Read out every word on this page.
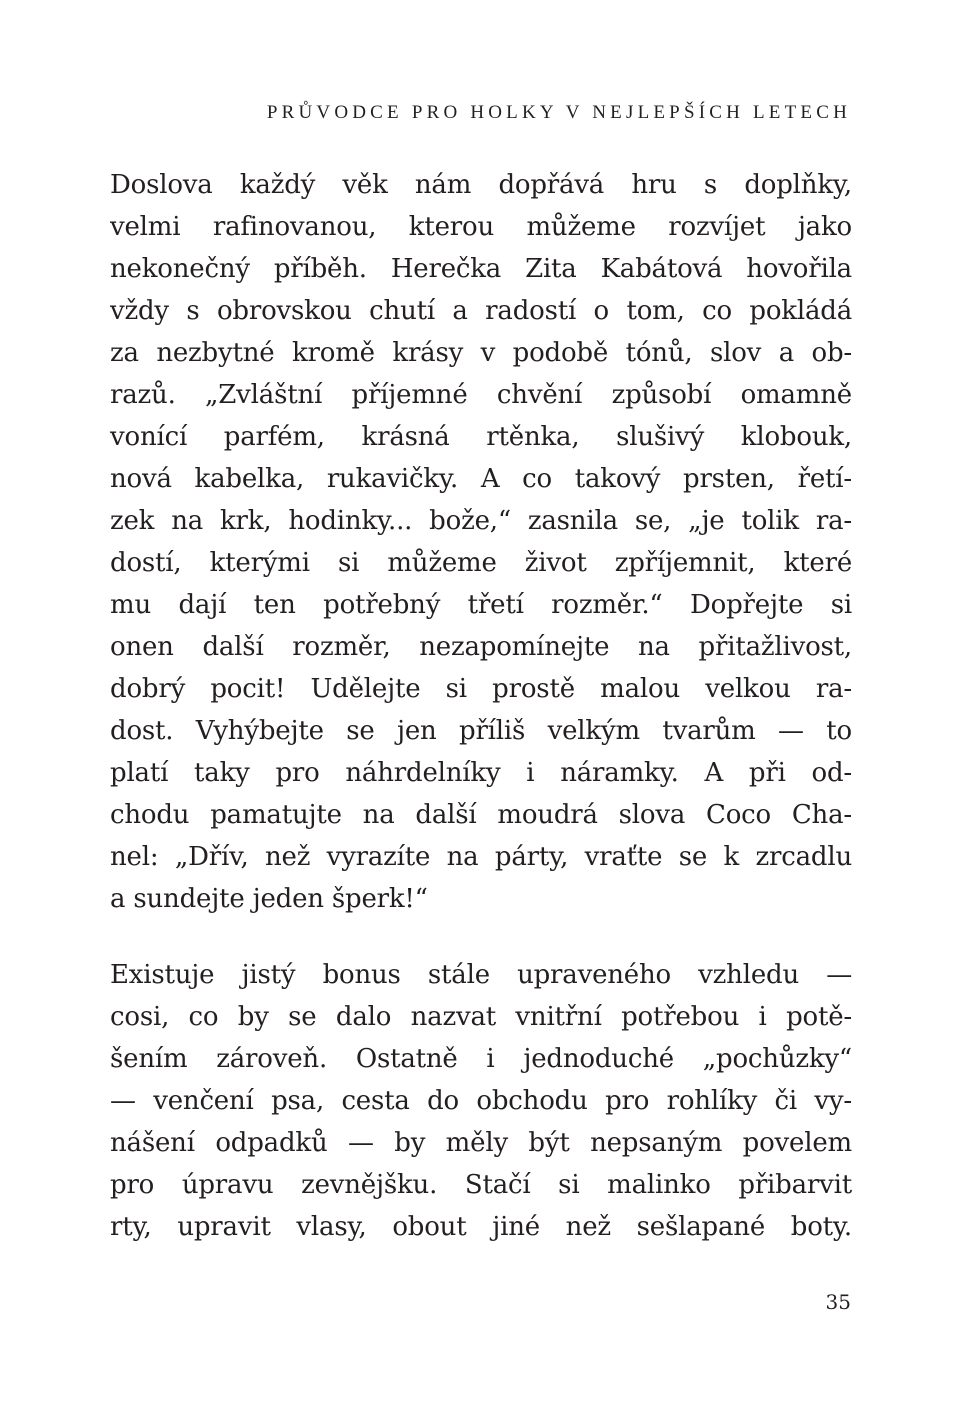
PRŮVODCE PRO HOLKY V NEJLEPŠÍCH LETECH
Doslova každý věk nám dopřává hru s doplňky,
velmi rafinovanou, kterou můžeme rozvíjet jako
nekonečný příběh. Herečka Zita Kabátová hovořila
vždy s obrovskou chutí a radostí o tom, co pokládá
za nezbytné kromě krásy v podobě tónů, slov a ob-
razů. „Zvláštní příjemné chvění způsobí omamně
vonící parfém, krásná rtěnka, slušivý klobouk,
nová kabelka, rukavičky. A co takový prsten, řetí-
zek na krk, hodinky... bože,“ zasnila se, „je tolik ra-
dostí, kterými si můžeme život zpříjemnit, které
mu dají ten potřebný třetí rozměr.“ Dopřejte si
onen další rozměr, nezapomínejte na přitažlivost,
dobrý pocit! Udělejte si prostě malou velkou ra-
dost. Vyhýbejte se jen příliš velkým tvarům — to
platí taky pro náhrdelníky i náramky. A při od-
chodu pamatujte na další moudrá slova Coco Cha-
nel: „Dřív, než vyrazíte na párty, vraťte se k zrcadlu
a sundejte jeden šperk!“
Existuje jistý bonus stále upraveného vzhledu —
cosi, co by se dalo nazvat vnitřní potřebou i potě-
šením zároveň. Ostatně i jednoduché „pochůzky“
— venčení psa, cesta do obchodu pro rohlíky či vy-
nášení odpadků — by měly být nepsaným povelem
pro úpravu zevnějšku. Stačí si malinko přibarvit
rty, upravit vlasy, obout jiné než sešlapané boty.
35
